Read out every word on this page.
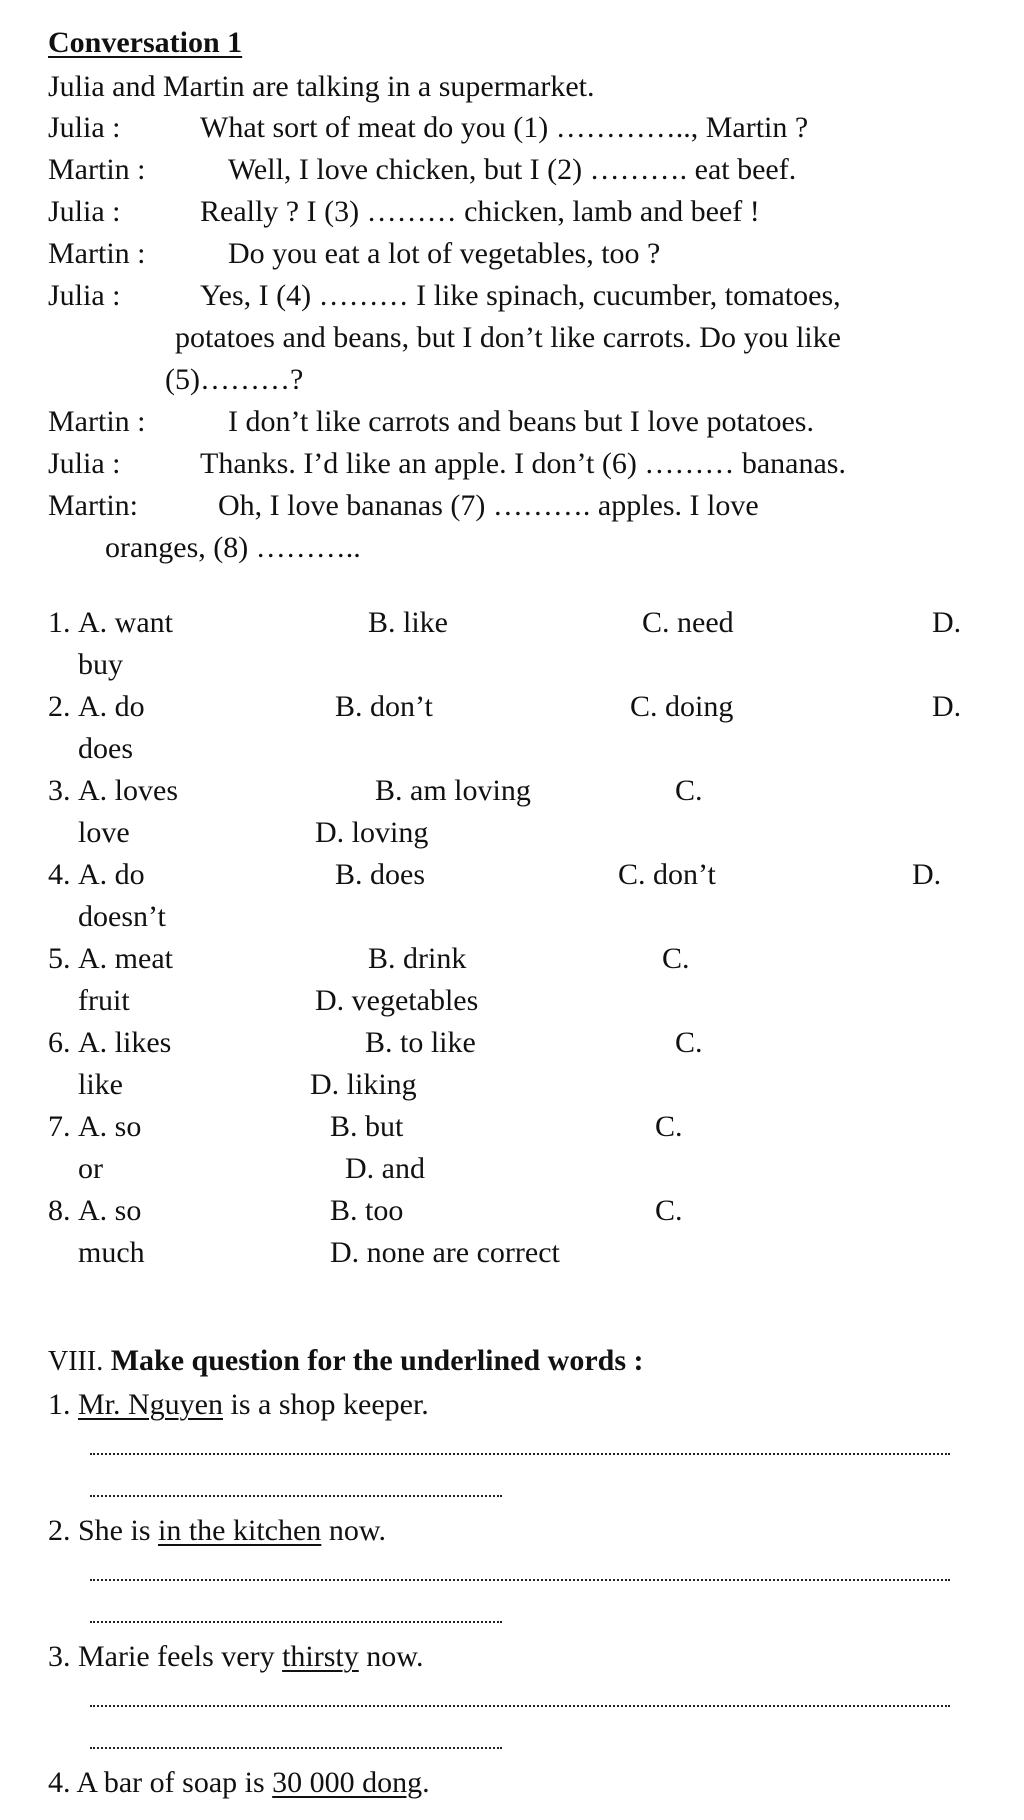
Conversation 1
Julia and Martin are talking in a supermarket.
Julia :	What sort of meat do you (1) ………….., Martin ?
Martin :	Well, I love chicken, but I (2) ………. eat beef.
Julia :	Really ? I (3) ……… chicken, lamb and beef !
Martin :	Do you eat a lot of vegetables, too ?
Julia :	Yes, I (4) ……… I like spinach, cucumber, tomatoes,
potatoes and beans, but I don’t like carrots. Do you like
(5)………?
Martin :	I don’t like carrots and beans but I love potatoes.
Julia :	Thanks. I’d like an apple. I don’t (6) ……… bananas.
Martin:	Oh, I love bananas (7) ………. apples. I love
oranges, (8) ………..
1. A. want	B. like	C. need	D.
buy
2. A. do	B. don’t	C. doing	D.
does
3. A. loves	B. am loving	C.
love	D. loving
4. A. do	B. does	C. don’t	D.
doesn’t
5. A. meat	B. drink	C.
fruit	D. vegetables
6. A. likes	B. to like	C.
like	D. liking
7. A. so	B. but	C.
or	D. and
8. A. so	B. too	C.
much	D. none are correct
VIII. Make question for the underlined words :
1. Mr. Nguyen is a shop keeper.
2. She is in the kitchen now.
3. Marie feels very thirsty now.
4. A bar of soap is 30 000 dong.
